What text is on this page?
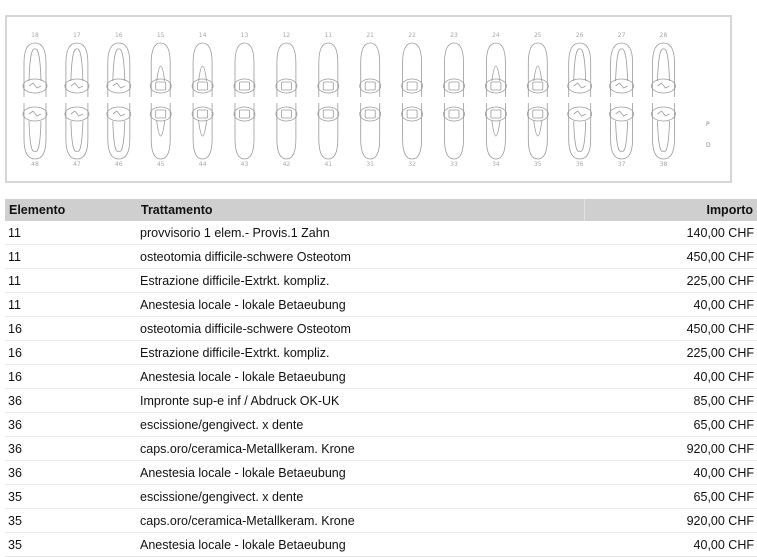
P
D
18	17	16	15	14	13	12	11	21	22	23	24	25	26	27	28
48	47	46	45	44	43	42	41	31	32	33	34	35	36	37	38
Elemento	Trattamento	Importo
11	provvisorio 1 elem.- Provis.1 Zahn	140,00 CHF
11	osteotomia difficile-schwere Osteotom	450,00 CHF
11	Estrazione difficile-Extrkt. kompliz.	225,00 CHF
11	Anestesia locale - lokale Betaeubung	40,00 CHF
16	osteotomia difficile-schwere Osteotom	450,00 CHF
16	Estrazione difficile-Extrkt. kompliz.	225,00 CHF
16	Anestesia locale - lokale Betaeubung	40,00 CHF
36	Impronte sup-e inf / Abdruck OK-UK	85,00 CHF
36	escissione/gengivect. x dente	65,00 CHF
36	caps.oro/ceramica-Metallkeram. Krone	920,00 CHF
36	Anestesia locale - lokale Betaeubung	40,00 CHF
35	escissione/gengivect. x dente	65,00 CHF
35	caps.oro/ceramica-Metallkeram. Krone	920,00 CHF
35	Anestesia locale - lokale Betaeubung	40,00 CHF
